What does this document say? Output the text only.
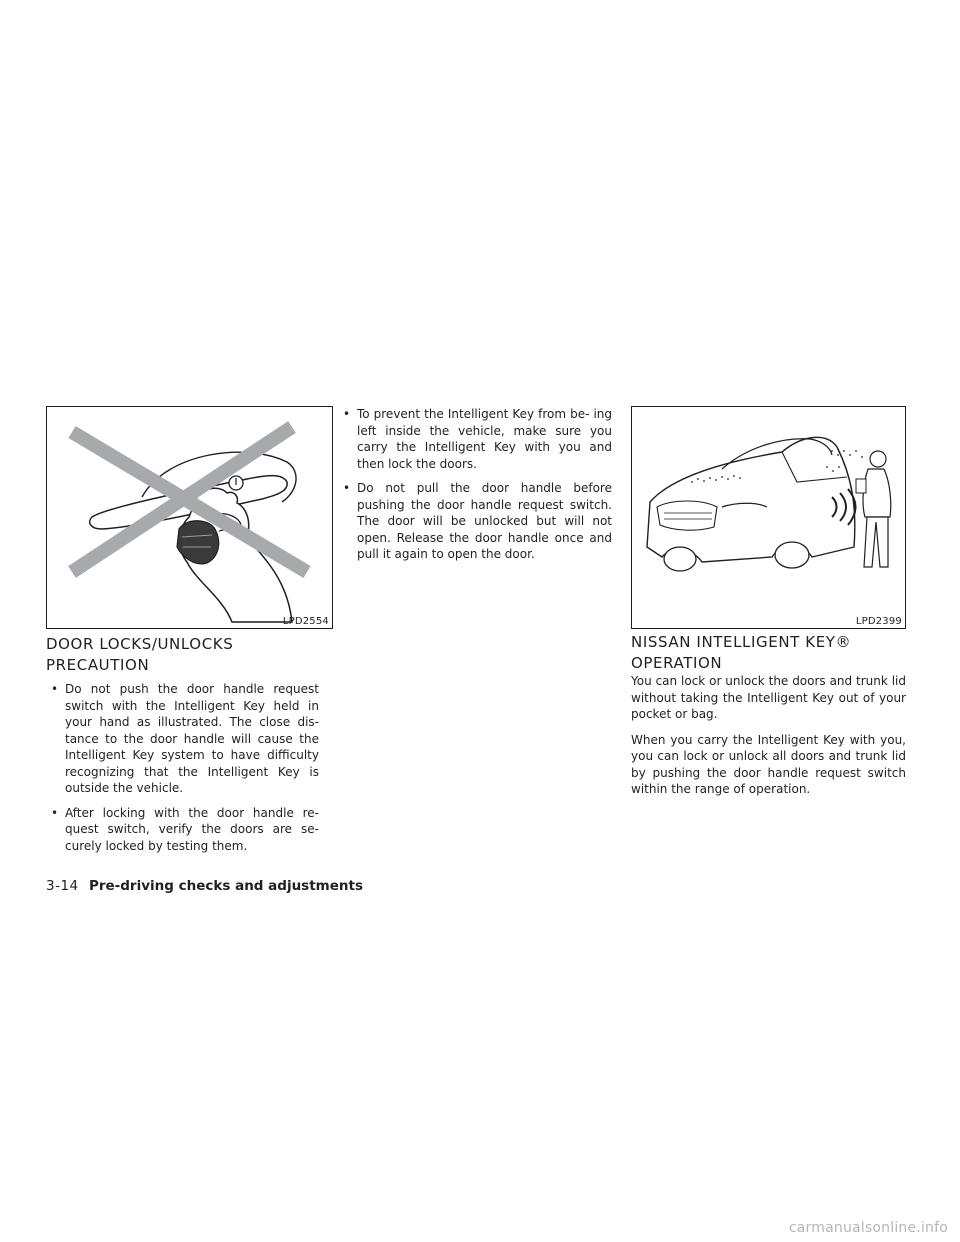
LPD2554
DOOR LOCKS/UNLOCKS PRECAUTION
• Do not push the door handle request switch with the Intelligent Key held in your hand as illustrated. The close dis- tance to the door handle will cause the Intelligent Key system to have difficulty recognizing that the Intelligent Key is outside the vehicle.
• After locking with the door handle re- quest switch, verify the doors are se- curely locked by testing them.
• To prevent the Intelligent Key from be- ing left inside the vehicle, make sure you carry the Intelligent Key with you and then lock the doors.
• Do not pull the door handle before pushing the door handle request switch. The door will be unlocked but will not open. Release the door handle once and pull it again to open the door.
LPD2399
NISSAN INTELLIGENT KEY® OPERATION

You can lock or unlock the doors and trunk lid without taking the Intelligent Key out of your pocket or bag.

When you carry the Intelligent Key with you, you can lock or unlock all doors and trunk lid by pushing the door handle request switch within the range of operation.

3-14 Pre-driving checks and adjustments
carmanualsonline.info
